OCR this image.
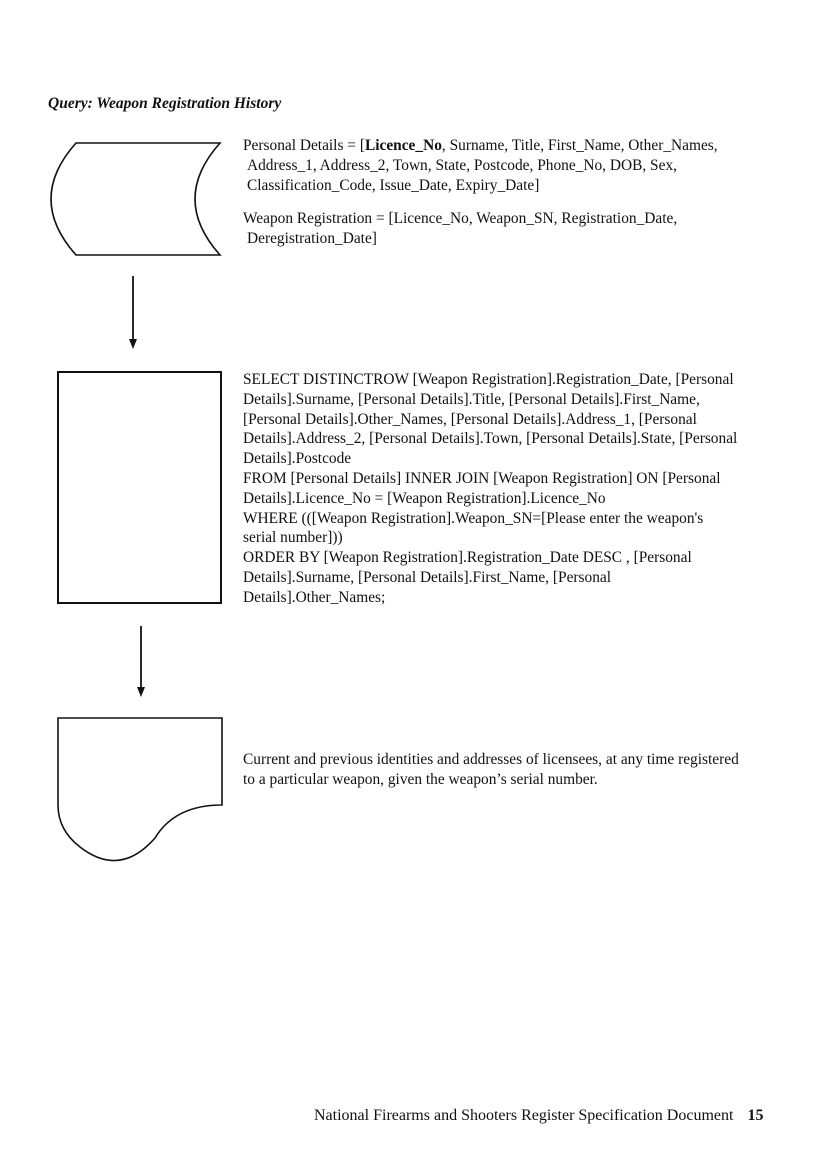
Query: Weapon Registration History
Personal Details = [Licence_No, Surname, Title, First_Name, Other_Names,
Address_1, Address_2, Town, State, Postcode, Phone_No, DOB, Sex,
Classification_Code, Issue_Date, Expiry_Date]
Weapon Registration = [Licence_No, Weapon_SN, Registration_Date,
Deregistration_Date]
SELECT DISTINCTROW [Weapon Registration].Registration_Date, [Personal
Details].Surname, [Personal Details].Title, [Personal Details].First_Name,
[Personal Details].Other_Names, [Personal Details].Address_1, [Personal
Details].Address_2, [Personal Details].Town, [Personal Details].State, [Personal
Details].Postcode
FROM [Personal Details] INNER JOIN [Weapon Registration] ON [Personal
Details].Licence_No = [Weapon Registration].Licence_No
WHERE (([Weapon Registration].Weapon_SN=[Please enter the weapon's
serial number]))
ORDER BY [Weapon Registration].Registration_Date DESC , [Personal
Details].Surname, [Personal Details].First_Name, [Personal
Details].Other_Names;
Current and previous identities and addresses of licensees, at any time registered
to a particular weapon, given the weapon’s serial number.
National Firearms and Shooters Register Specification Document 15
